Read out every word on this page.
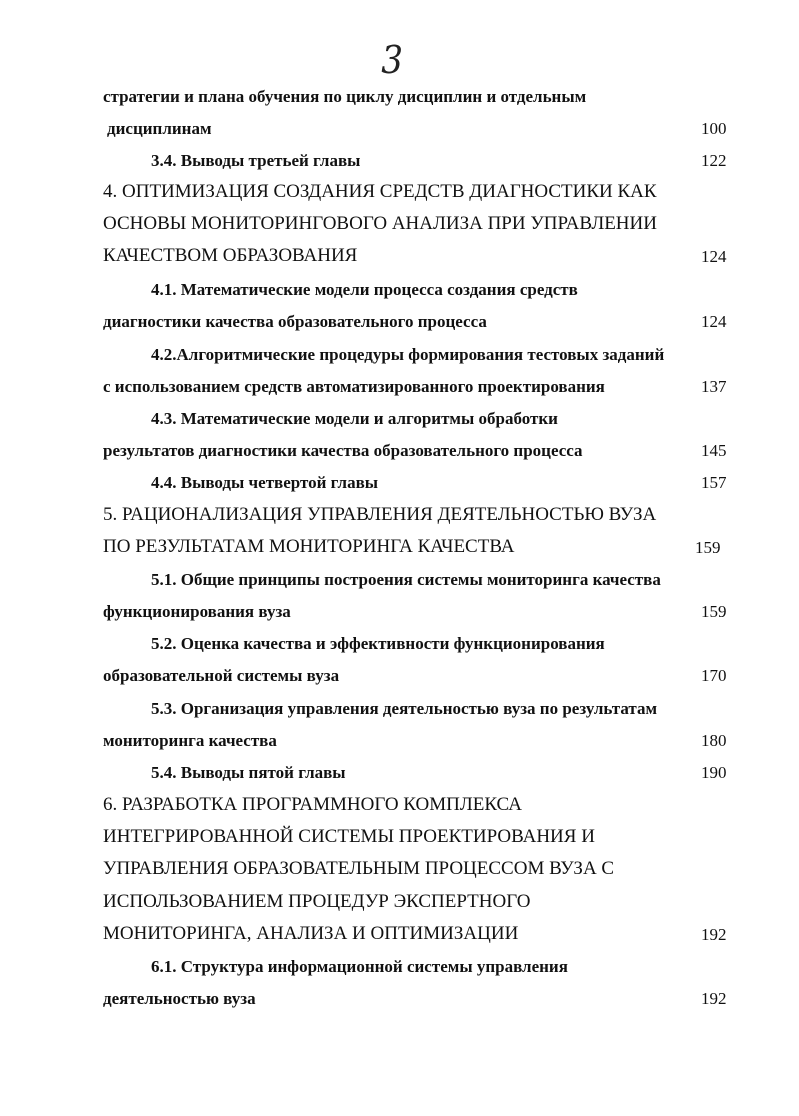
3
стратегии и плана обучения по циклу дисциплин и отдельным
дисциплинам	100
3.4. Выводы третьей главы	122
4. ОПТИМИЗАЦИЯ СОЗДАНИЯ СРЕДСТВ ДИАГНОСТИКИ КАК
ОСНОВЫ МОНИТОРИНГОВОГО АНАЛИЗА ПРИ УПРАВЛЕНИИ
КАЧЕСТВОМ ОБРАЗОВАНИЯ	124
4.1. Математические модели процесса создания средств
диагностики качества образовательного процесса	124
4.2.Алгоритмические процедуры формирования тестовых заданий
с использованием средств автоматизированного проектирования	137
4.3. Математические модели и алгоритмы обработки
результатов диагностики качества образовательного процесса	145
4.4. Выводы четвертой главы	157
5. РАЦИОНАЛИЗАЦИЯ УПРАВЛЕНИЯ ДЕЯТЕЛЬНОСТЬЮ ВУЗА
ПО РЕЗУЛЬТАТАМ МОНИТОРИНГА КАЧЕСТВА	159
5.1. Общие принципы построения системы мониторинга качества
функционирования вуза	159
5.2. Оценка качества и эффективности функционирования
образовательной системы вуза	170
5.3. Организация управления деятельностью вуза по результатам
мониторинга качества	180
5.4. Выводы пятой главы	190
6. РАЗРАБОТКА ПРОГРАММНОГО КОМПЛЕКСА
ИНТЕГРИРОВАННОЙ СИСТЕМЫ ПРОЕКТИРОВАНИЯ И
УПРАВЛЕНИЯ ОБРАЗОВАТЕЛЬНЫМ ПРОЦЕССОМ ВУЗА С
ИСПОЛЬЗОВАНИЕМ ПРОЦЕДУР ЭКСПЕРТНОГО
МОНИТОРИНГА, АНАЛИЗА И ОПТИМИЗАЦИИ	192
6.1. Структура информационной системы управления
деятельностью вуза	192
